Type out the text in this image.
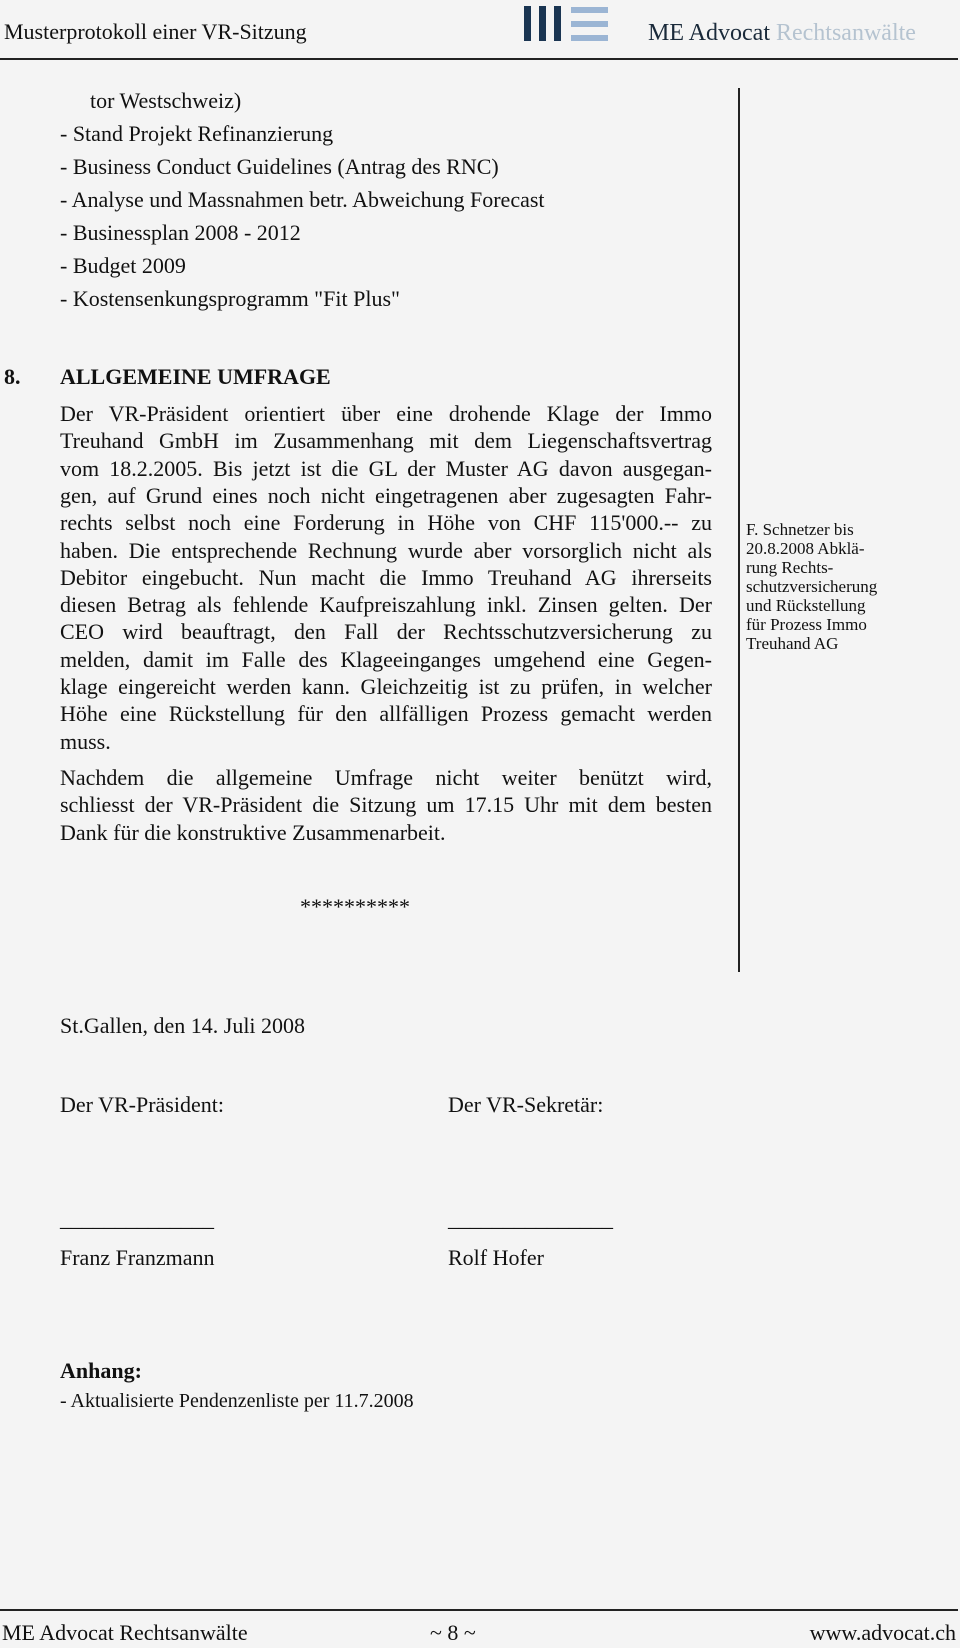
Musterprotokoll einer VR-Sitzung	ME Advocat Rechtsanwälte
tor Westschweiz)
- Stand Projekt Refinanzierung
- Business Conduct Guidelines (Antrag des RNC)
- Analyse und Massnahmen betr. Abweichung Forecast
- Businessplan 2008 - 2012
- Budget 2009
- Kostensenkungsprogramm "Fit Plus"
8. ALLGEMEINE UMFRAGE
Der VR-Präsident orientiert über eine drohende Klage der Immo
Treuhand GmbH im Zusammenhang mit dem Liegenschaftsvertrag
vom 18.2.2005. Bis jetzt ist die GL der Muster AG davon ausgegan-
gen, auf Grund eines noch nicht eingetragenen aber zugesagten Fahr-
rechts selbst noch eine Forderung in Höhe von CHF 115'000.-- zu
haben. Die entsprechende Rechnung wurde aber vorsorglich nicht als
Debitor eingebucht. Nun macht die Immo Treuhand AG ihrerseits
diesen Betrag als fehlende Kaufpreiszahlung inkl. Zinsen gelten. Der
CEO wird beauftragt, den Fall der Rechtsschutzversicherung zu
melden, damit im Falle des Klageeinganges umgehend eine Gegen-
klage eingereicht werden kann. Gleichzeitig ist zu prüfen, in welcher
Höhe eine Rückstellung für den allfälligen Prozess gemacht werden
muss.
Nachdem die allgemeine Umfrage nicht weiter benützt wird,
schliesst der VR-Präsident die Sitzung um 17.15 Uhr mit dem besten
Dank für die konstruktive Zusammenarbeit.
F. Schnetzer bis
20.8.2008 Abklä-
rung Rechts-
schutzversicherung
und Rückstellung
für Prozess Immo
Treuhand AG
**********
St.Gallen, den 14. Juli 2008
Der VR-Präsident:	Der VR-Sekretär:
______________	_______________
Franz Franzmann	Rolf Hofer
Anhang:
- Aktualisierte Pendenzenliste per 11.7.2008
ME Advocat Rechtsanwälte	~ 8 ~	www.advocat.ch
